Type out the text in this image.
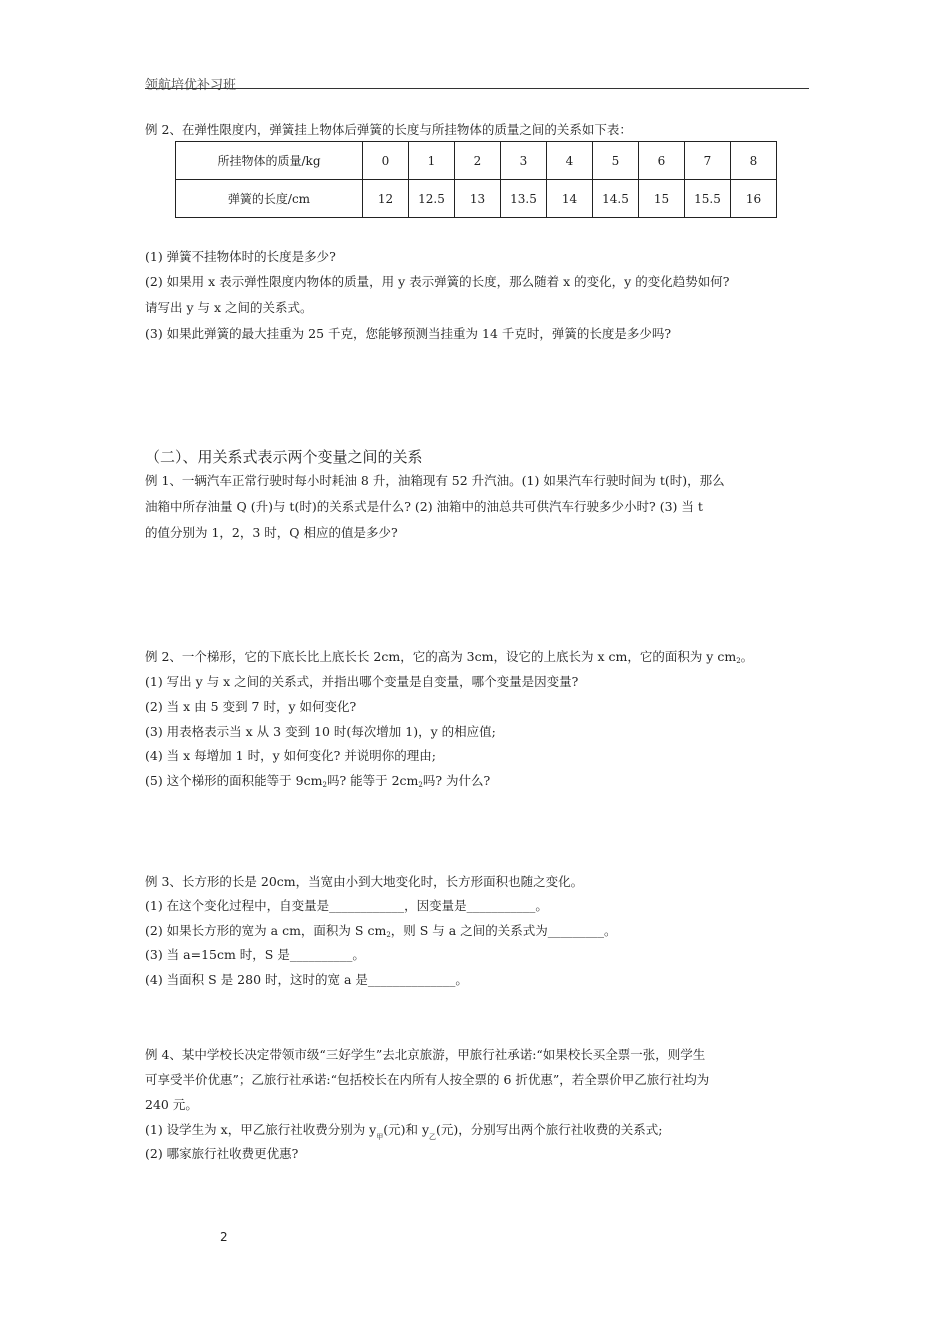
领航培优补习班
例 2、在弹性限度内，弹簧挂上物体后弹簧的长度与所挂物体的质量之间的关系如下表：
所挂物体的质量/kg	0	1	2	3	4	5	6	7	8
弹簧的长度/cm	12	12.5	13	13.5	14	14.5	15	15.5	16
(1) 弹簧不挂物体时的长度是多少?
(2) 如果用 x 表示弹性限度内物体的质量，用 y 表示弹簧的长度，那么随着 x 的变化，y 的变化趋势如何?
请写出 y 与 x 之间的关系式。
(3) 如果此弹簧的最大挂重为 25 千克，您能够预测当挂重为 14 千克时，弹簧的长度是多少吗?
（二）、用关系式表示两个变量之间的关系
例 1、一辆汽车正常行驶时每小时耗油 8 升，油箱现有 52 升汽油。(1) 如果汽车行驶时间为 t(时)，那么
油箱中所存油量 Q (升)与 t(时)的关系式是什么? (2) 油箱中的油总共可供汽车行驶多少小时? (3) 当 t
的值分别为 1，2，3 时，Q 相应的值是多少?
例 2、一个梯形，它的下底长比上底长长 2cm，它的高为 3cm，设它的上底长为 x cm，它的面积为 y cm2。
(1) 写出 y 与 x 之间的关系式，并指出哪个变量是自变量，哪个变量是因变量?
(2) 当 x 由 5 变到 7 时，y 如何变化?
(3) 用表格表示当 x 从 3 变到 10 时(每次增加 1)，y 的相应值;
(4) 当 x 每增加 1 时，y 如何变化? 并说明你的理由;
(5) 这个梯形的面积能等于 9cm2吗? 能等于 2cm2吗? 为什么?
例 3、长方形的长是 20cm，当宽由小到大地变化时，长方形面积也随之变化。
(1) 在这个变化过程中，自变量是____________，因变量是___________。
(2) 如果长方形的宽为 a cm，面积为 S cm2，则 S 与 a 之间的关系式为_________。
(3) 当 a=15cm 时，S 是__________。
(4) 当面积 S 是 280 时，这时的宽 a 是______________。
例 4、某中学校长决定带领市级“三好学生”去北京旅游，甲旅行社承诺:“如果校长买全票一张，则学生
可享受半价优惠”；乙旅行社承诺:“包括校长在内所有人按全票的 6 折优惠”，若全票价甲乙旅行社均为
240 元。
(1) 设学生为 x，甲乙旅行社收费分别为 $y_甲$(元)和 $y_乙$(元)，分别写出两个旅行社收费的关系式;
(2) 哪家旅行社收费更优惠?
2
